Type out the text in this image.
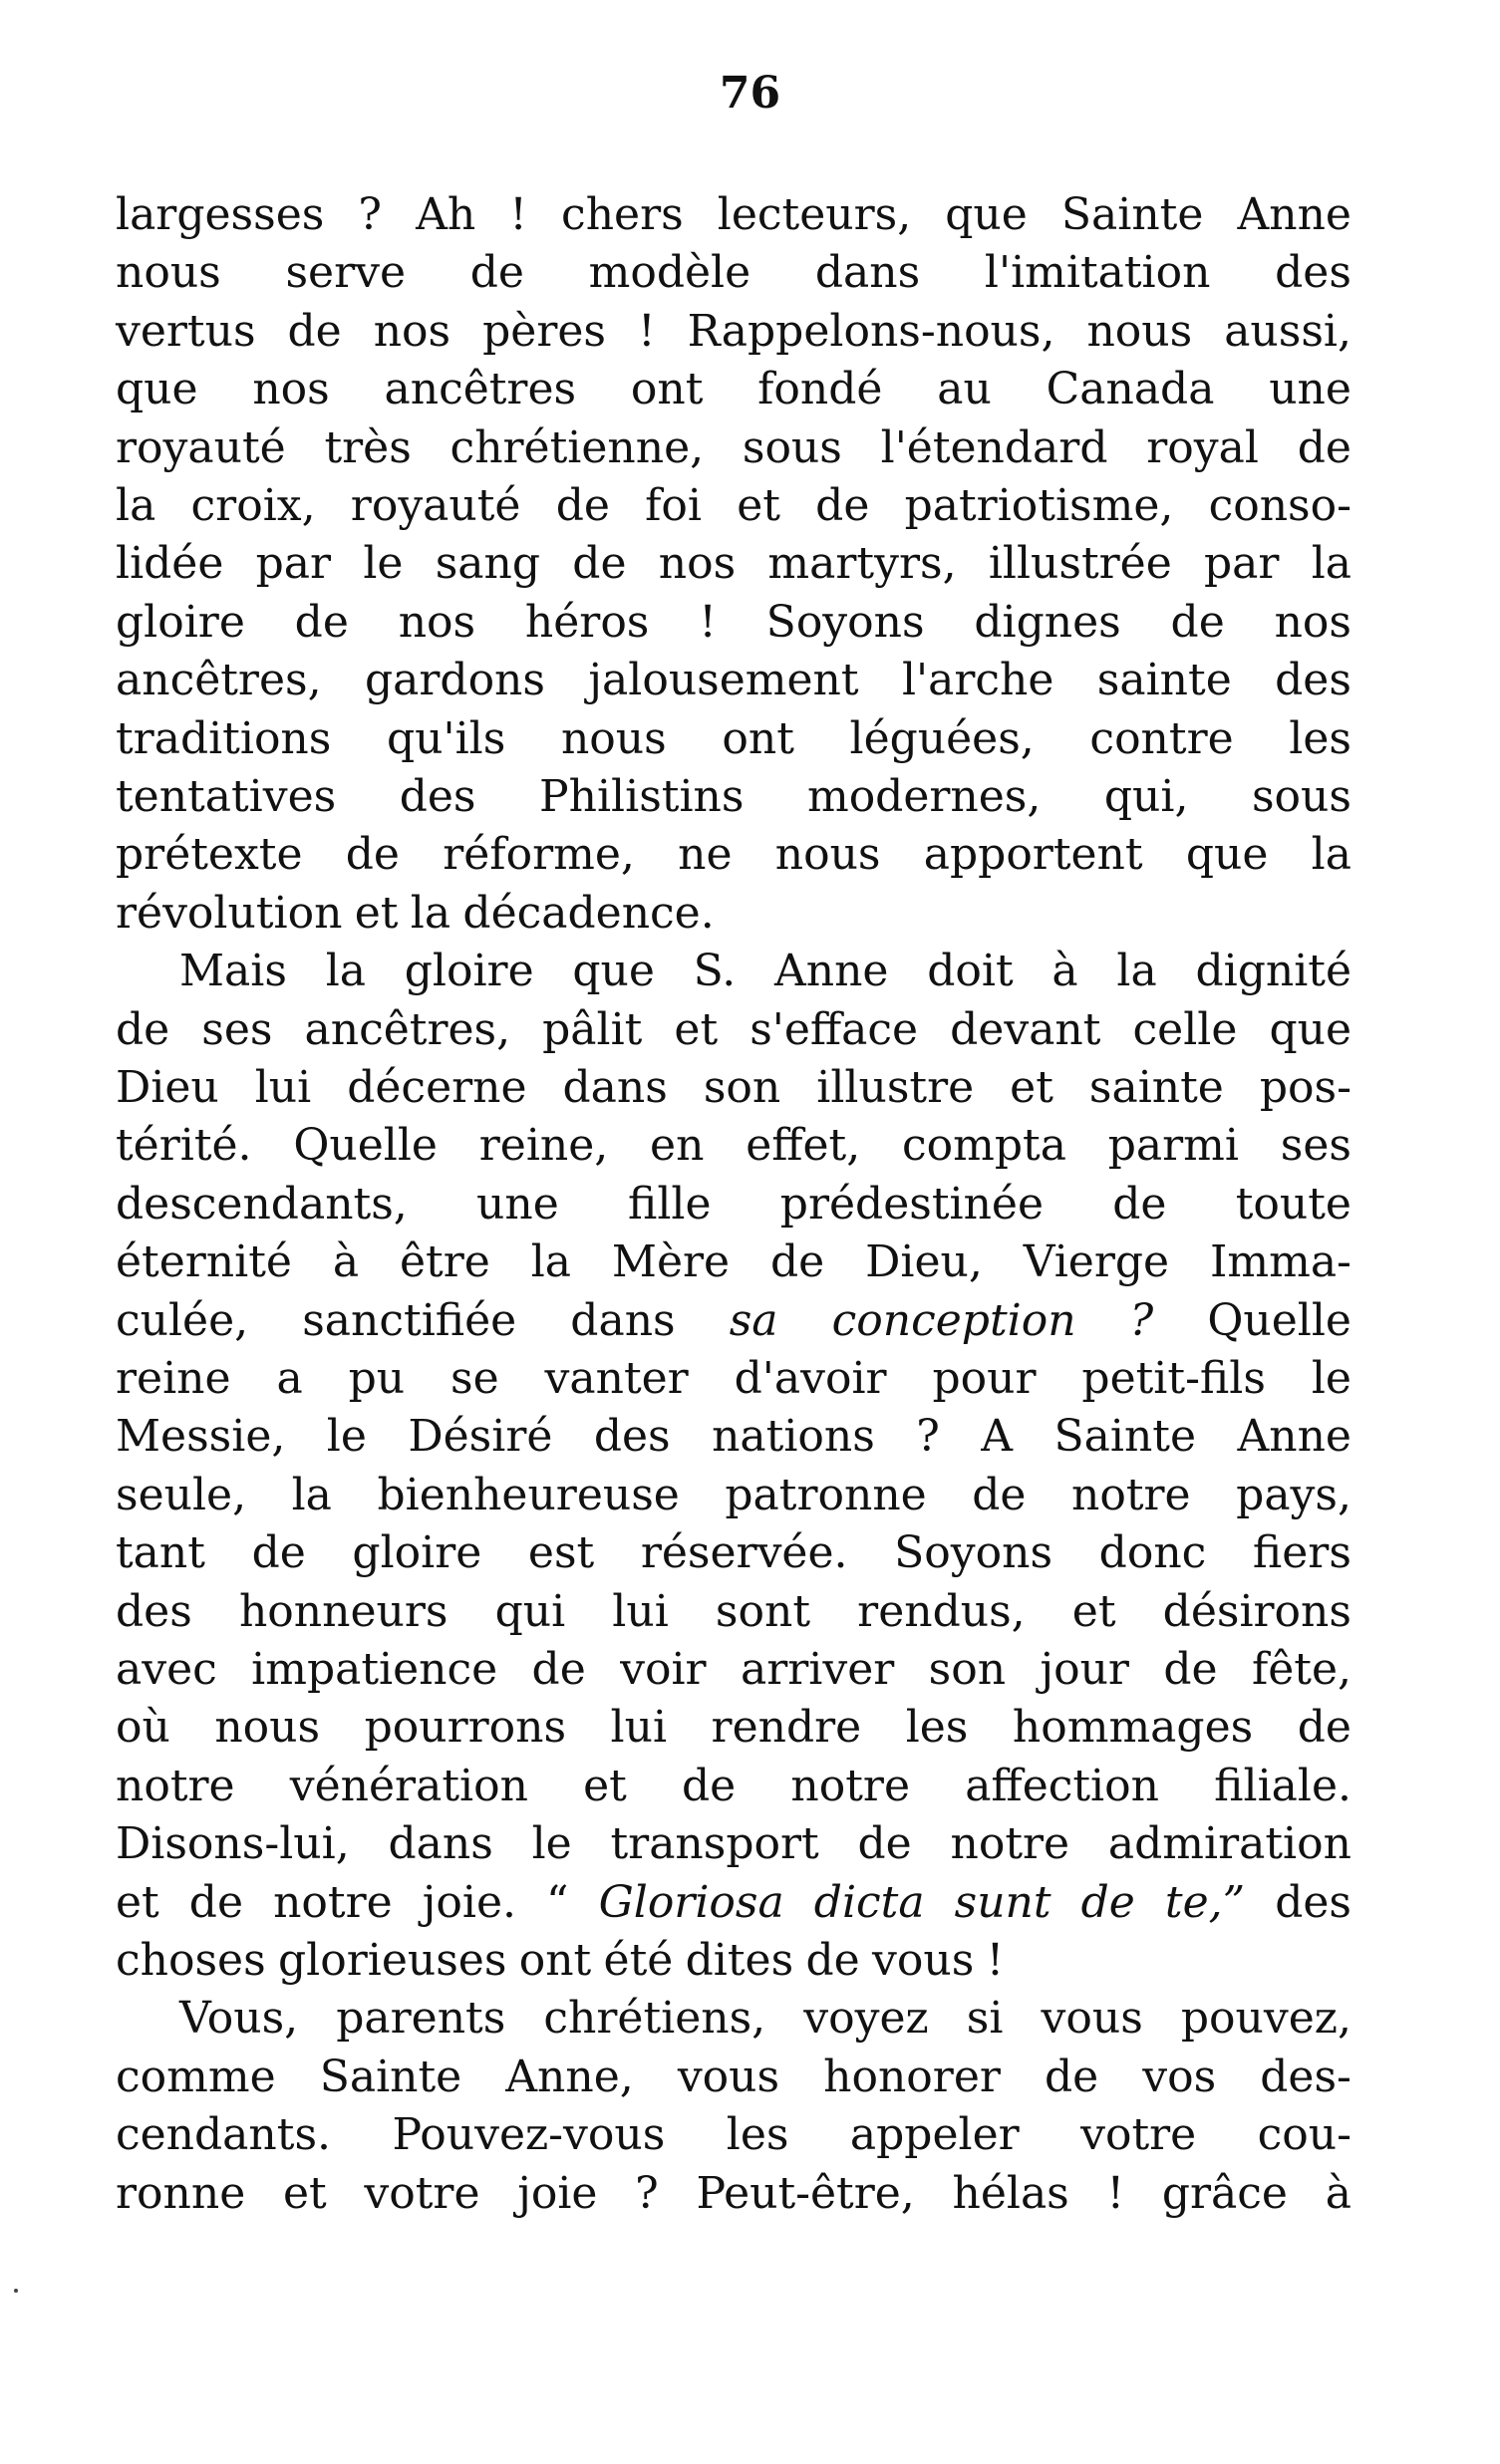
76
largesses ? Ah ! chers lecteurs, que Sainte Anne
nous serve de modèle dans l'imitation des
vertus de nos pères ! Rappelons-nous, nous aussi,
que nos ancêtres ont fondé au Canada une
royauté très chrétienne, sous l'étendard royal de
la croix, royauté de foi et de patriotisme, conso-
lidée par le sang de nos martyrs, illustrée par la
gloire de nos héros ! Soyons dignes de nos
ancêtres, gardons jalousement l'arche sainte des
traditions qu'ils nous ont léguées, contre les
tentatives des Philistins modernes, qui, sous
prétexte de réforme, ne nous apportent que la
révolution et la décadence.
Mais la gloire que S. Anne doit à la dignité
de ses ancêtres, pâlit et s'efface devant celle que
Dieu lui décerne dans son illustre et sainte pos-
térité. Quelle reine, en effet, compta parmi ses
descendants, une fille prédestinée de toute
éternité à être la Mère de Dieu, Vierge Imma-
culée, sanctifiée dans sa conception ? Quelle
reine a pu se vanter d'avoir pour petit-fils le
Messie, le Désiré des nations ? A Sainte Anne
seule, la bienheureuse patronne de notre pays,
tant de gloire est réservée. Soyons donc fiers
des honneurs qui lui sont rendus, et désirons
avec impatience de voir arriver son jour de fête,
où nous pourrons lui rendre les hommages de
notre vénération et de notre affection filiale.
Disons-lui, dans le transport de notre admiration
et de notre joie. “ Gloriosa dicta sunt de te,” des
choses glorieuses ont été dites de vous !
Vous, parents chrétiens, voyez si vous pouvez,
comme Sainte Anne, vous honorer de vos des-
cendants. Pouvez-vous les appeler votre cou-
ronne et votre joie ? Peut-être, hélas ! grâce à
